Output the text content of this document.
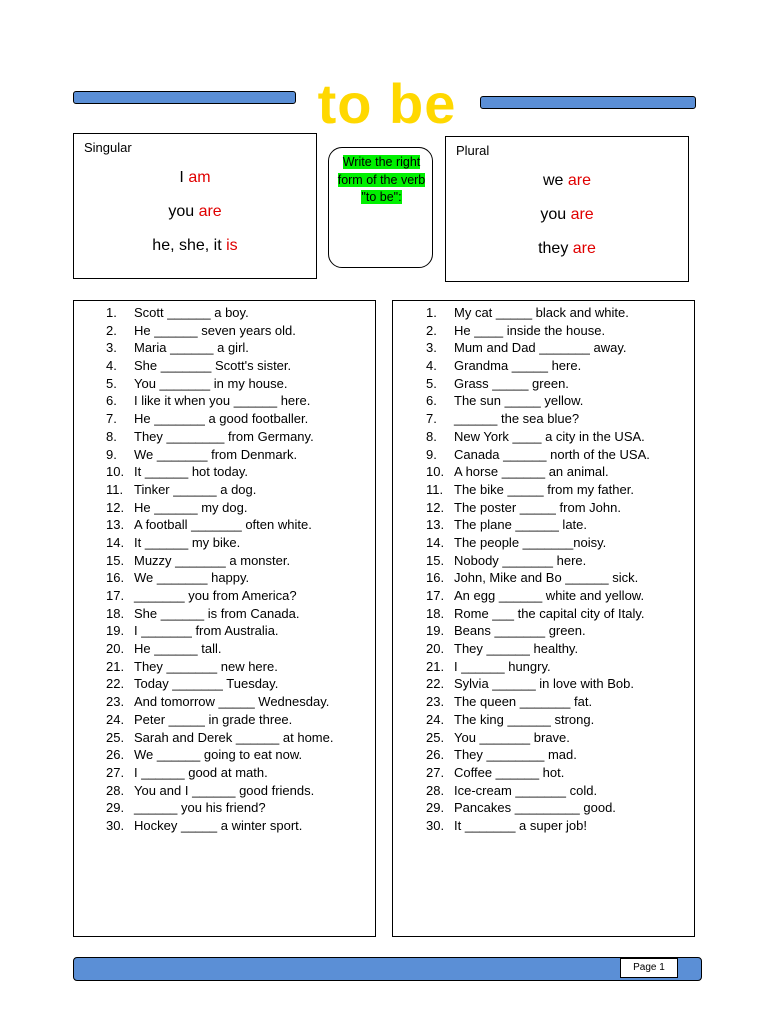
to be
Singular
I am
you are
he, she, it is
Write the right form of the verb "to be":
Plural
we are
you are
they are
1. Scott ______ a boy.
2. He ______ seven years old.
3. Maria ______ a girl.
4. She _______ Scott's sister.
5. You _______ in my house.
6. I like it when you ______ here.
7. He _______ a good footballer.
8. They ________ from Germany.
9. We _______ from Denmark.
10. It ______ hot today.
11. Tinker ______ a dog.
12. He ______ my dog.
13. A football _______ often white.
14. It ______ my bike.
15. Muzzy _______ a monster.
16. We _______ happy.
17. _______ you from America?
18. She ______ is from Canada.
19. I _______ from Australia.
20. He ______ tall.
21. They _______ new here.
22. Today _______ Tuesday.
23. And tomorrow _____ Wednesday.
24. Peter _____ in grade three.
25. Sarah and Derek ______ at home.
26. We ______ going to eat now.
27. I ______ good at math.
28. You and I ______ good friends.
29. ______ you his friend?
30. Hockey _____ a winter sport.
1. My cat _____ black and white.
2. He ____ inside the house.
3. Mum and Dad _______ away.
4. Grandma _____ here.
5. Grass _____ green.
6. The sun _____ yellow.
7. ______ the sea blue?
8. New York ____ a city in the USA.
9. Canada ______ north of the USA.
10. A horse ______ an animal.
11. The bike _____ from my father.
12. The poster _____ from John.
13. The plane ______ late.
14. The people _______noisy.
15. Nobody _______ here.
16. John, Mike and Bo ______ sick.
17. An egg ______ white and yellow.
18. Rome ___ the capital city of Italy.
19. Beans _______ green.
20. They ______ healthy.
21. I ______ hungry.
22. Sylvia ______ in love with Bob.
23. The queen _______ fat.
24. The king ______ strong.
25. You _______ brave.
26. They ________ mad.
27. Coffee ______ hot.
28. Ice-cream _______ cold.
29. Pancakes _________ good.
30. It _______ a super job!
Page 1
